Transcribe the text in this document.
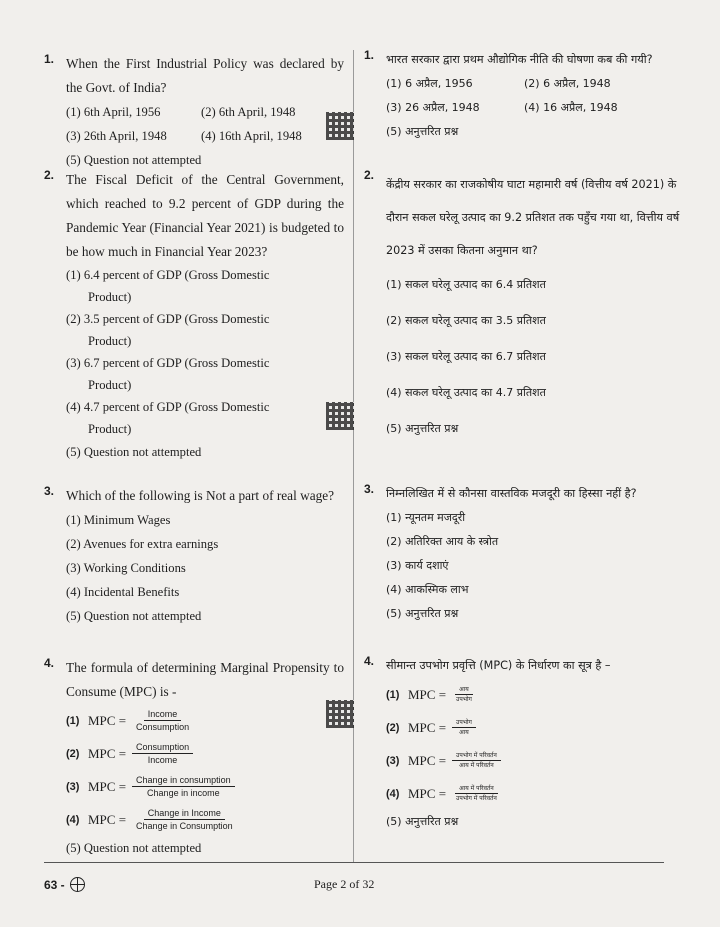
1. When the First Industrial Policy was declared by the Govt. of India?
(1) 6th April, 1956	(2) 6th April, 1948
(3) 26th April, 1948	(4) 16th April, 1948
(5) Question not attempted
2. The Fiscal Deficit of the Central Government, which reached to 9.2 percent of GDP during the Pandemic Year (Financial Year 2021) is budgeted to be how much in Financial Year 2023?
(1) 6.4 percent of GDP (Gross Domestic
Product)
(2) 3.5 percent of GDP (Gross Domestic
Product)
(3) 6.7 percent of GDP (Gross Domestic
Product)
(4) 4.7 percent of GDP (Gross Domestic
Product)
(5) Question not attempted
3. Which of the following is Not a part of real wage?
(1) Minimum Wages
(2) Avenues for extra earnings
(3) Working Conditions
(4) Incidental Benefits
(5) Question not attempted
4. The formula of determining Marginal Propensity to Consume (MPC) is -
(1) MPC = $\frac{\text{Income}}{\text{Consumption}}$
(2) MPC = $\frac{\text{Consumption}}{\text{Income}}$
(3) MPC = $\frac{\text{Change in consumption}}{\text{Change in income}}$
(4) MPC = $\frac{\text{Change in Income}}{\text{Change in Consumption}}$
(5) Question not attempted
1. भारत सरकार द्वारा प्रथम औद्योगिक नीति की घोषणा कब की गयी?
(1) 6 अप्रैल, 1956	(2) 6 अप्रैल, 1948
(3) 26 अप्रैल, 1948	(4) 16 अप्रैल, 1948
(5) अनुत्तरित प्रश्न
2.
केंद्रीय सरकार का राजकोषीय घाटा महामारी वर्ष (वित्तीय वर्ष 2021) के दौरान सकल घरेलू उत्पाद का 9.2 प्रतिशत तक पहुँच गया था, वित्तीय वर्ष 2023 में उसका कितना अनुमान था?
(1) सकल घरेलू उत्पाद का 6.4 प्रतिशत
(2) सकल घरेलू उत्पाद का 3.5 प्रतिशत
(3) सकल घरेलू उत्पाद का 6.7 प्रतिशत
(4) सकल घरेलू उत्पाद का 4.7 प्रतिशत
(5) अनुत्तरित प्रश्न
3. निम्नलिखित में से कौनसा वास्तविक मजदूरी का हिस्सा नहीं है?
(1) न्यूनतम मजदूरी
(2) अतिरिक्त आय के स्त्रोत
(3) कार्य दशाएं
(4) आकस्मिक लाभ
(5) अनुत्तरित प्रश्न
4. सीमान्त उपभोग प्रवृत्ति (MPC) के निर्धारण का सूत्र है –
(1) MPC = $\frac{\text{आय}}{\text{उपभोग}}$
(2) MPC = $\frac{\text{उपभोग}}{\text{आय}}$
(3) MPC = $\frac{\text{उपभोग में परिवर्तन}}{\text{आय में परिवर्तन}}$
(4) MPC = $\frac{\text{आय में परिवर्तन}}{\text{उपभोग में परिवर्तन}}$
(5) अनुत्तरित प्रश्न
63 -	Page 2 of 32
